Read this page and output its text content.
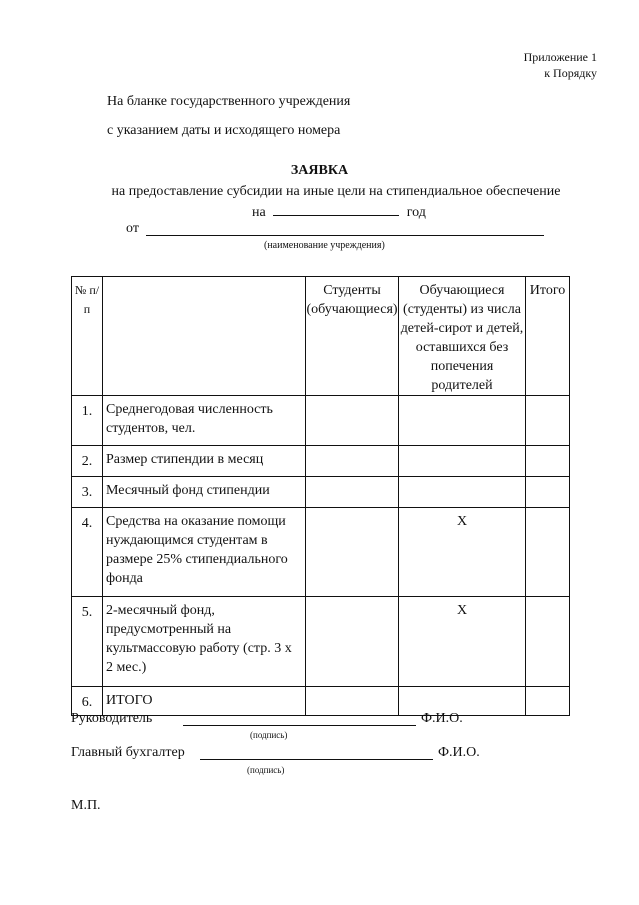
Приложение 1
к Порядку
На бланке государственного учреждения
с указанием даты и исходящего номера
ЗАЯВКА
на предоставление субсидии на иные цели на стипендиальное обеспечение
на	год
от
(наименование учреждения)
№ п/п		Студенты (обучающиеся)	Обучающиеся (студенты) из числа детей-сирот и детей, оставшихся без попечения родителей	Итого
1.	Среднегодовая численность студентов, чел.			
2.	Размер стипендии в месяц			
3.	Месячный фонд стипендии			
4.	Средства на оказание помощи нуждающимся студентам в размере 25% стипендиального фонда		X	
5.	2-месячный фонд, предусмотренный на культмассовую работу (стр. 3 х 2 мес.)		X	
6.	ИТОГО			
Руководитель	Ф.И.О.
(подпись)
Главный бухгалтер	Ф.И.О.
(подпись)
М.П.
